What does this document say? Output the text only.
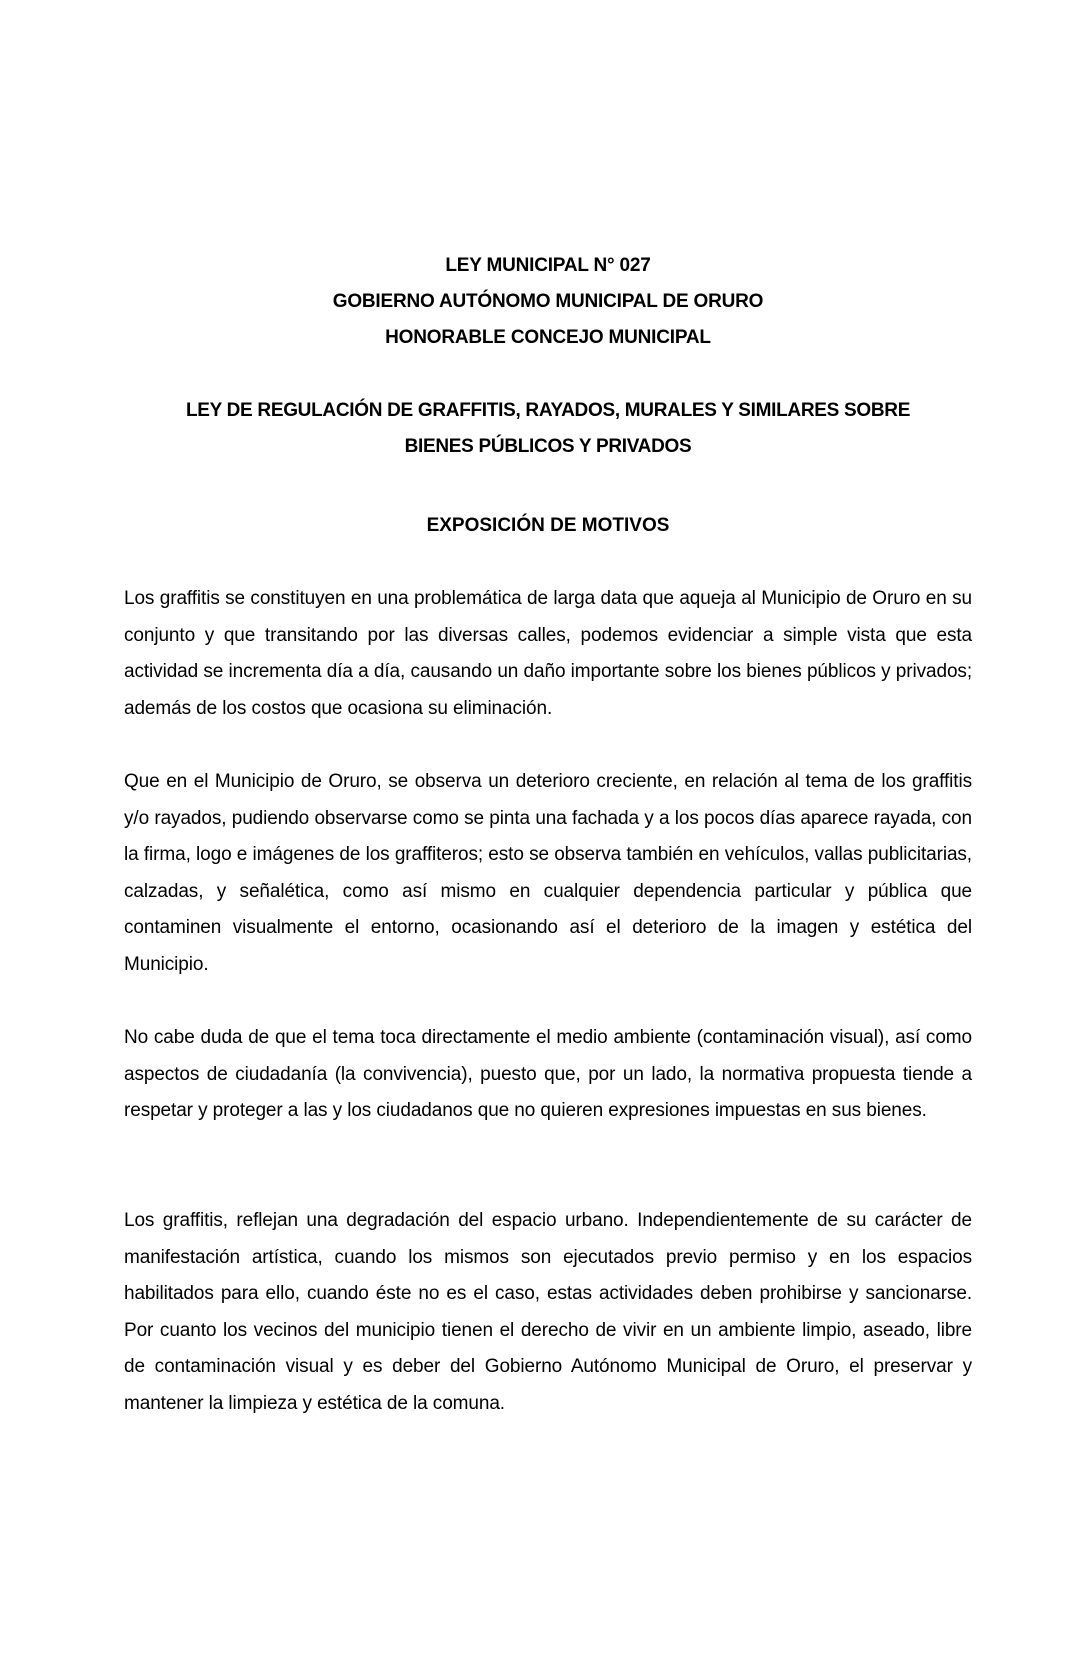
LEY MUNICIPAL N° 027
GOBIERNO AUTÓNOMO MUNICIPAL DE ORURO
HONORABLE CONCEJO MUNICIPAL
LEY DE REGULACIÓN DE GRAFFITIS, RAYADOS, MURALES Y SIMILARES SOBRE
BIENES PÚBLICOS Y PRIVADOS
EXPOSICIÓN DE MOTIVOS

Los graffitis se constituyen en una problemática de larga data que aqueja al Municipio de Oruro en su conjunto y que transitando por las diversas calles, podemos evidenciar a simple vista que esta actividad se incrementa día a día, causando un daño importante sobre los bienes públicos y privados; además de los costos que ocasiona su eliminación.

Que en el Municipio de Oruro, se observa un deterioro creciente, en relación al tema de los graffitis y/o rayados, pudiendo observarse como se pinta una fachada y a los pocos días aparece rayada, con la firma, logo e imágenes de los graffiteros; esto se observa también en vehículos, vallas publicitarias, calzadas, y señalética, como así mismo en cualquier dependencia particular y pública que contaminen visualmente el entorno, ocasionando así el deterioro de la imagen y estética del Municipio.

No cabe duda de que el tema toca directamente el medio ambiente (contaminación visual), así como aspectos de ciudadanía (la convivencia), puesto que, por un lado, la normativa propuesta tiende a respetar y proteger a las y los ciudadanos que no quieren expresiones impuestas en sus bienes.

Los graffitis, reflejan una degradación del espacio urbano. Independientemente de su carácter de manifestación artística, cuando los mismos son ejecutados previo permiso y en los espacios habilitados para ello, cuando éste no es el caso, estas actividades deben prohibirse y sancionarse. Por cuanto los vecinos del municipio tienen el derecho de vivir en un ambiente limpio, aseado, libre de contaminación visual y es deber del Gobierno Autónomo Municipal de Oruro, el preservar y mantener la limpieza y estética de la comuna.
